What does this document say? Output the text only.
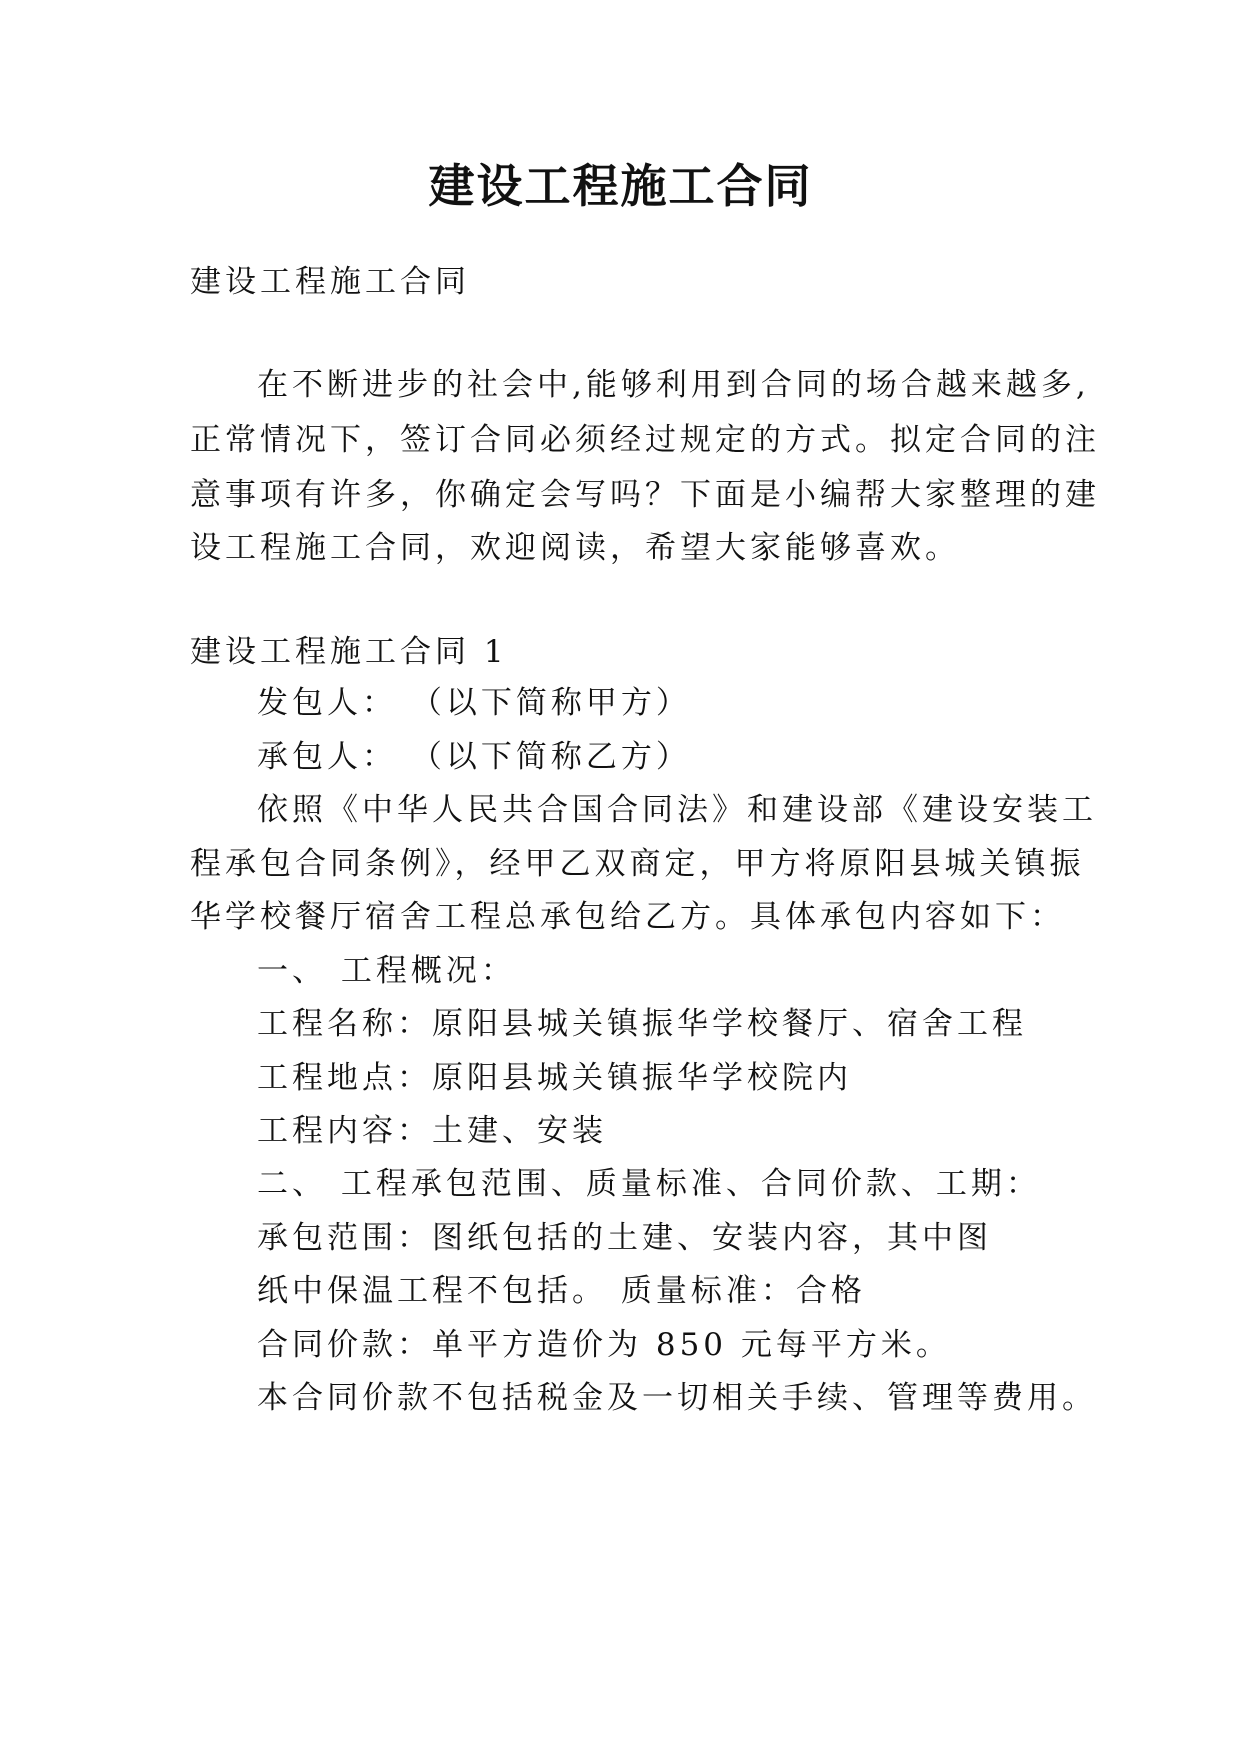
建设工程施工合同

建设工程施工合同

在不断进步的社会中,能够利用到合同的场合越来越多,

正常情况下，签订合同必须经过规定的方式。拟定合同的注

意事项有许多，你确定会写吗？下面是小编帮大家整理的建

设工程施工合同，欢迎阅读，希望大家能够喜欢。

建设工程施工合同 1

发包人： （以下简称甲方）

承包人： （以下简称乙方）

依照《中华人民共合国合同法》和建设部《建设安装工

程承包合同条例》，经甲乙双商定，甲方将原阳县城关镇振

华学校餐厅宿舍工程总承包给乙方。具体承包内容如下：

一、 工程概况：

工程名称：原阳县城关镇振华学校餐厅、宿舍工程

工程地点：原阳县城关镇振华学校院内

工程内容：土建、安装

二、 工程承包范围、质量标准、合同价款、工期：

承包范围：图纸包括的土建、安装内容，其中图

纸中保温工程不包括。 质量标准：合格

合同价款：单平方造价为 850 元每平方米。

本合同价款不包括税金及一切相关手续、管理等费用。
